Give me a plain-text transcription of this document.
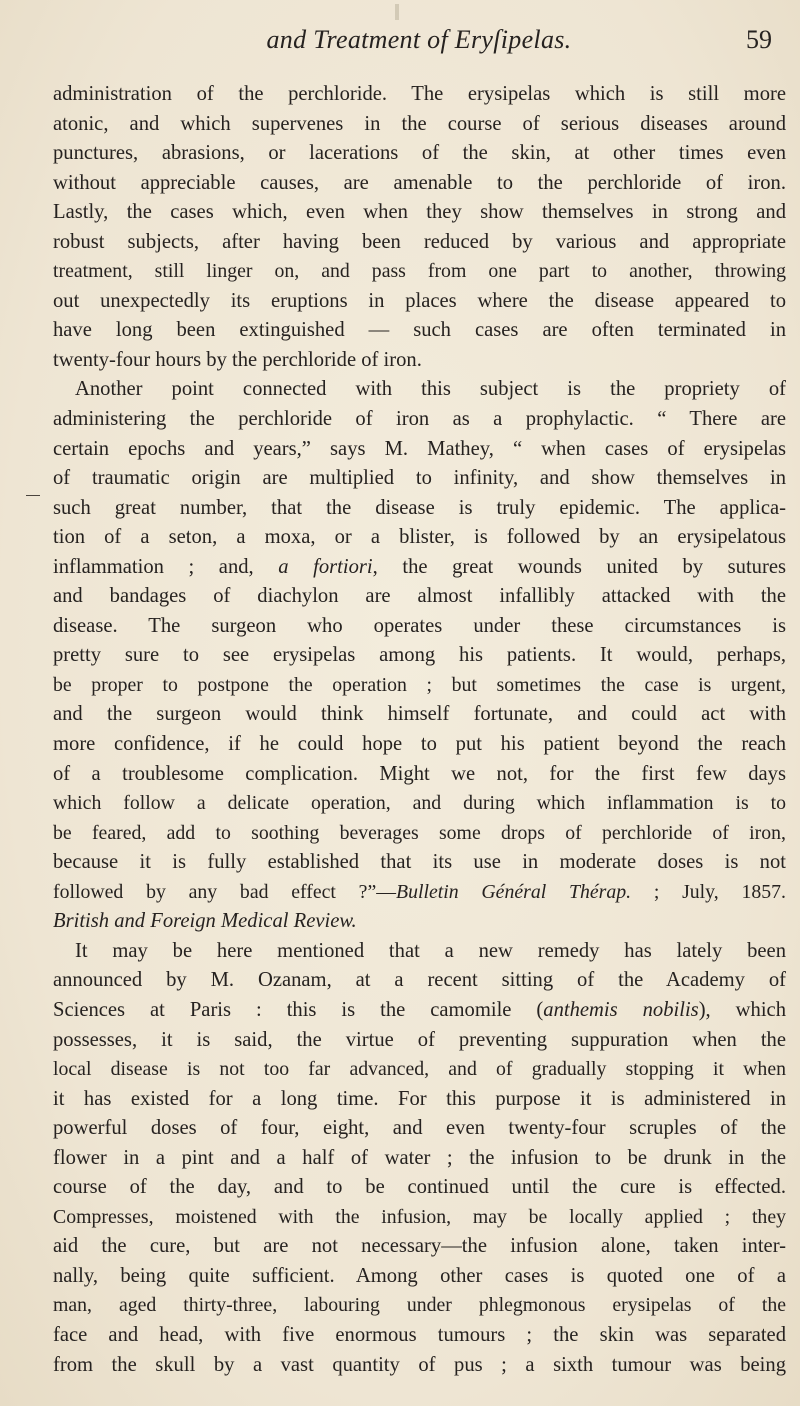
and Treatment of Eryſipelas.	59
administration of the perchloride. The erysipelas which is still more
atonic, and which supervenes in the course of serious diseases around
punctures, abrasions, or lacerations of the skin, at other times even
without appreciable causes, are amenable to the perchloride of iron.
Lastly, the cases which, even when they show themselves in strong and
robust subjects, after having been reduced by various and appropriate
treatment, still linger on, and pass from one part to another, throwing
out unexpectedly its eruptions in places where the disease appeared to
have long been extinguished — such cases are often terminated in
twenty-four hours by the perchloride of iron.
Another point connected with this subject is the propriety of
administering the perchloride of iron as a prophylactic. “ There are
certain epochs and years,” says M. Mathey, “ when cases of erysipelas
of traumatic origin are multiplied to infinity, and show themselves in
such great number, that the disease is truly epidemic. The applica-
tion of a seton, a moxa, or a blister, is followed by an erysipelatous
inflammation ; and, a fortiori, the great wounds united by sutures
and bandages of diachylon are almost infallibly attacked with the
disease. The surgeon who operates under these circumstances is
pretty sure to see erysipelas among his patients. It would, perhaps,
be proper to postpone the operation ; but sometimes the case is urgent,
and the surgeon would think himself fortunate, and could act with
more confidence, if he could hope to put his patient beyond the reach
of a troublesome complication. Might we not, for the first few days
which follow a delicate operation, and during which inflammation is to
be feared, add to soothing beverages some drops of perchloride of iron,
because it is fully established that its use in moderate doses is not
followed by any bad effect ?”—Bulletin Général Thérap. ; July, 1857.
British and Foreign Medical Review.
It may be here mentioned that a new remedy has lately been
announced by M. Ozanam, at a recent sitting of the Academy of
Sciences at Paris : this is the camomile (anthemis nobilis), which
possesses, it is said, the virtue of preventing suppuration when the
local disease is not too far advanced, and of gradually stopping it when
it has existed for a long time. For this purpose it is administered in
powerful doses of four, eight, and even twenty-four scruples of the
flower in a pint and a half of water ; the infusion to be drunk in the
course of the day, and to be continued until the cure is effected.
Compresses, moistened with the infusion, may be locally applied ; they
aid the cure, but are not necessary—the infusion alone, taken inter-
nally, being quite sufficient. Among other cases is quoted one of a
man, aged thirty-three, labouring under phlegmonous erysipelas of the
face and head, with five enormous tumours ; the skin was separated
from the skull by a vast quantity of pus ; a sixth tumour was being
